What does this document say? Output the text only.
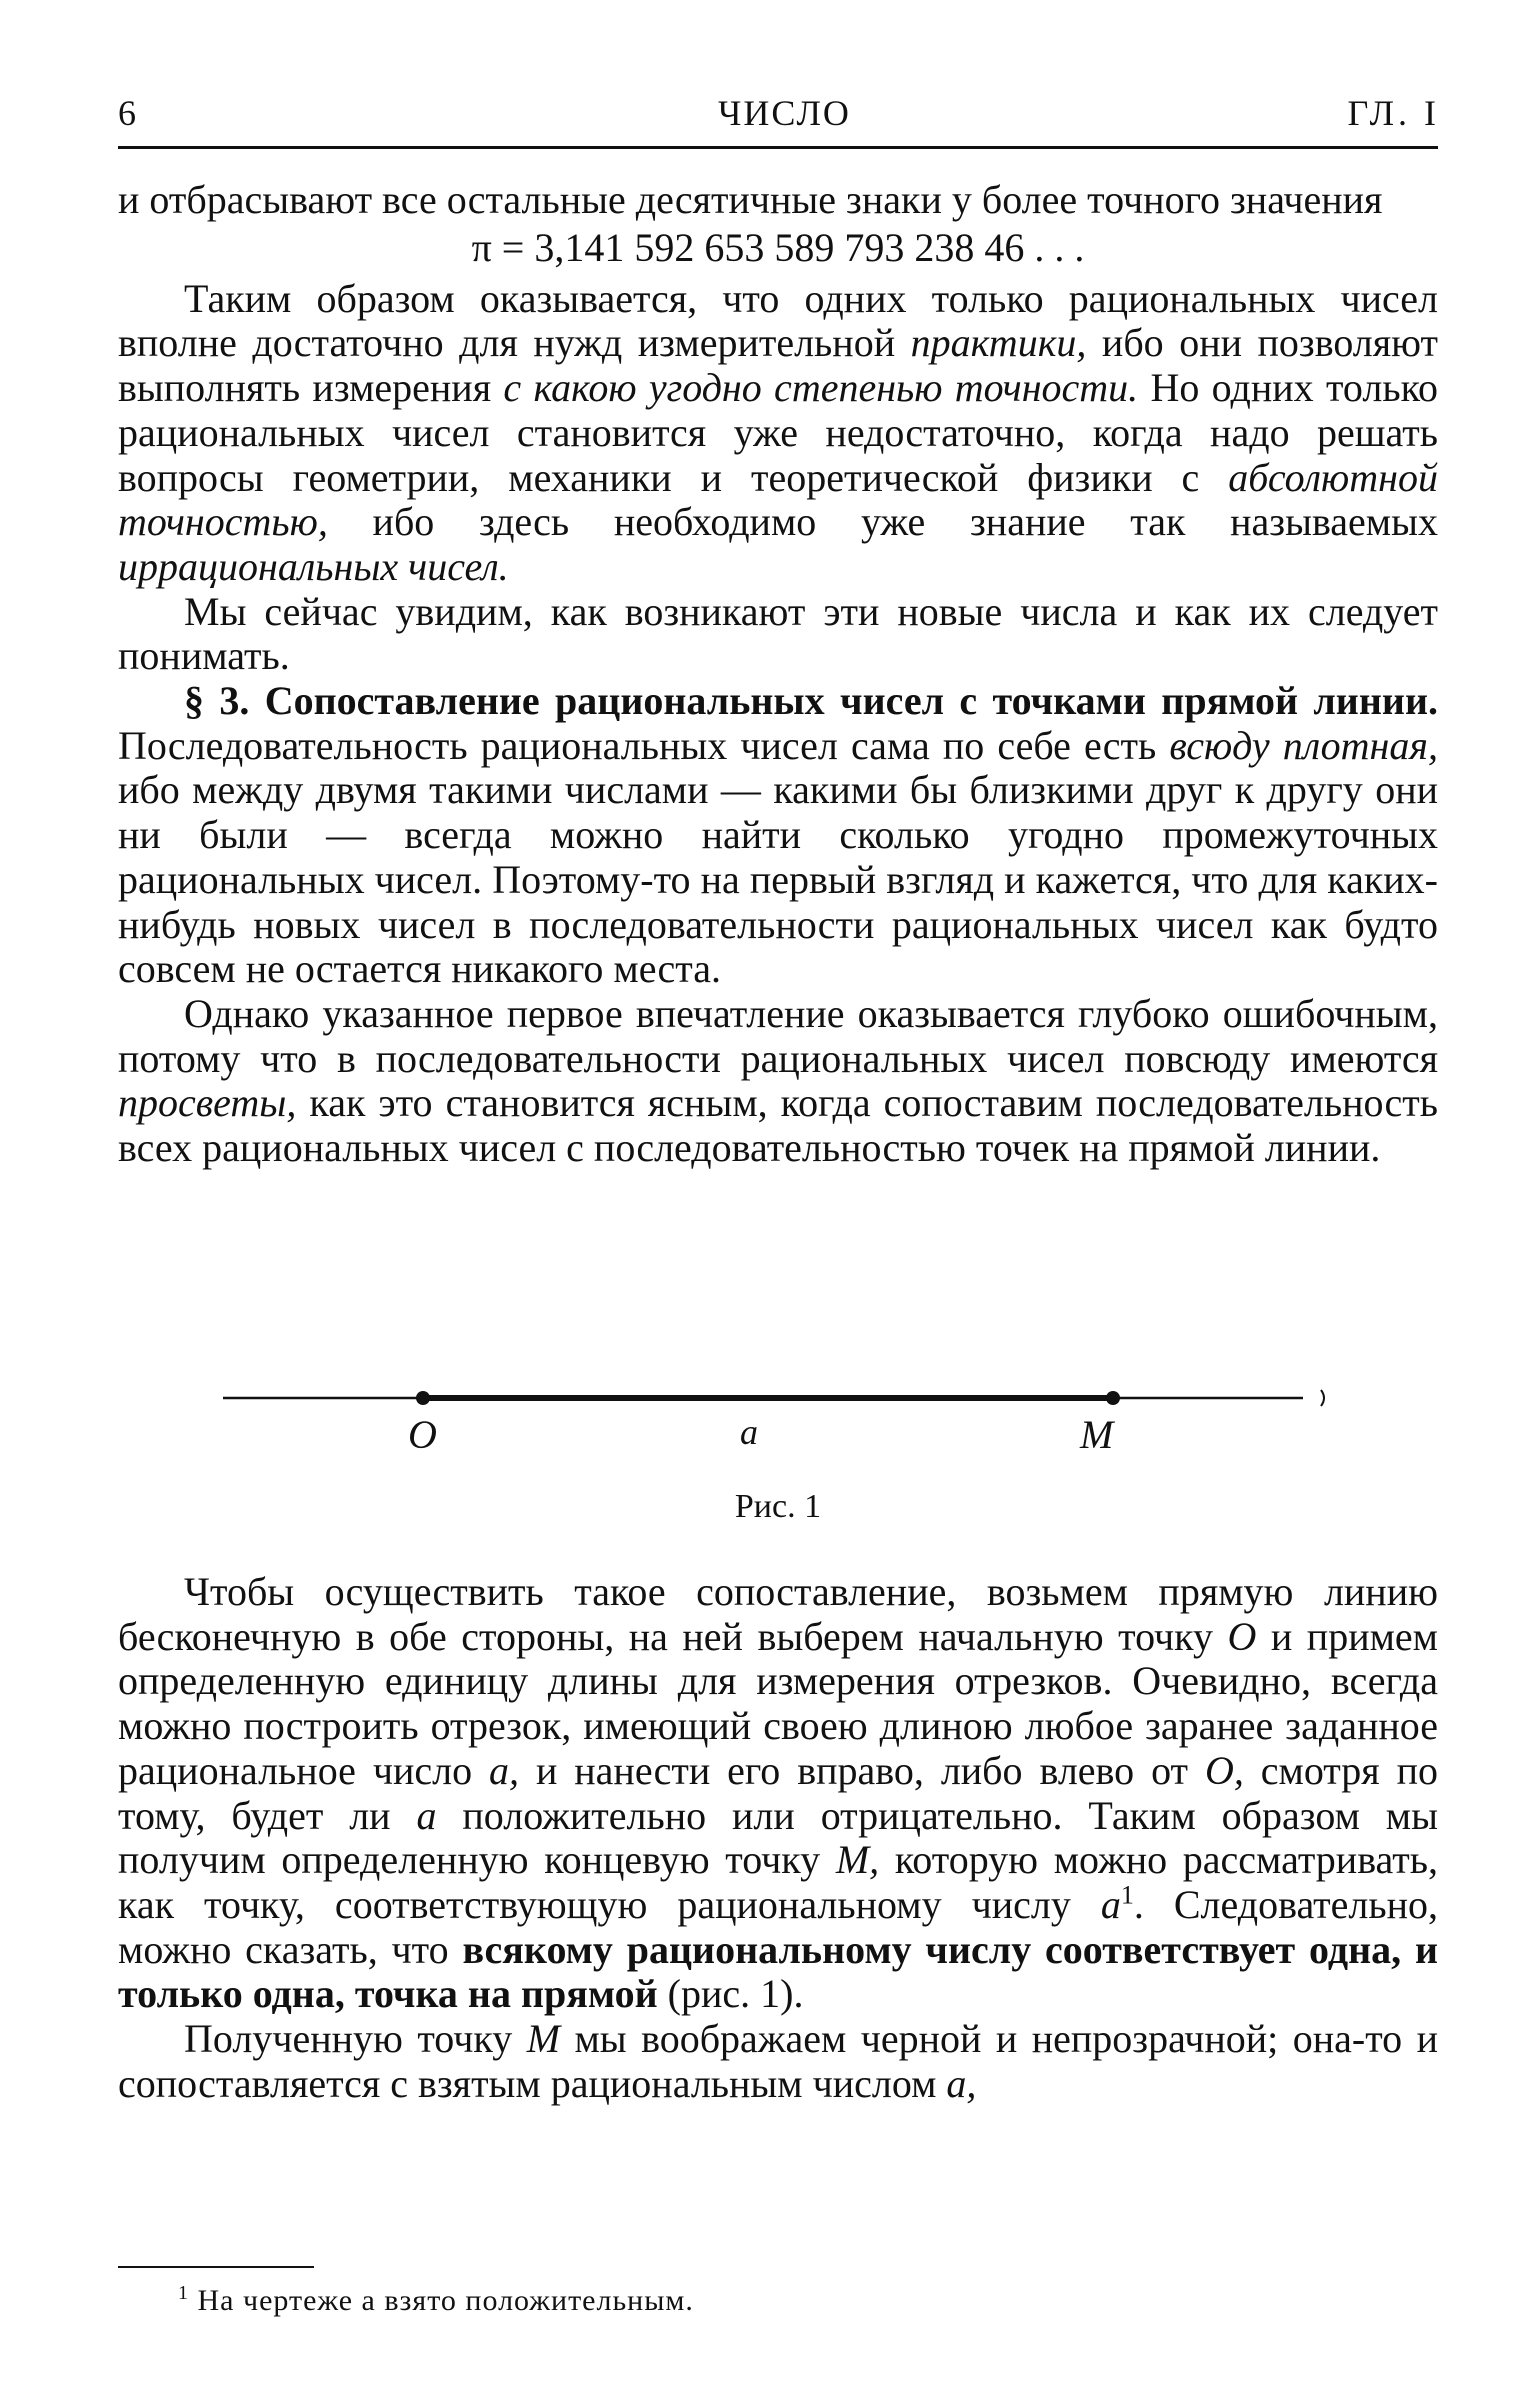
6	ЧИСЛО	ГЛ. I

и отбрасывают все остальные десятичные знаки у более точного значения

π = 3,141 592 653 589 793 238 46 . . .

Таким образом оказывается, что одних только рациональных чисел вполне достаточно для нужд измерительной практики, ибо они позволяют выполнять измерения с какою угодно степенью точности. Но одних только рациональных чисел становится уже недостаточно, когда надо решать вопросы геометрии, механики и теоретической физики с абсолютной точностью, ибо здесь необходимо уже знание так называемых иррациональных чисел.

Мы сейчас увидим, как возникают эти новые числа и как их следует понимать.

§ 3. Сопоставление рациональных чисел с точками прямой линии. Последовательность рациональных чисел сама по себе есть всюду плотная, ибо между двумя такими числами — какими бы близкими друг к другу они ни были — всегда можно найти сколько угодно промежуточных рациональных чисел. Поэтому-то на первый взгляд и кажется, что для каких-нибудь новых чисел в последовательности рациональных чисел как будто совсем не остается никакого места.

Однако указанное первое впечатление оказывается глубоко ошибочным, потому что в последовательности рациональных чисел повсюду имеются просветы, как это становится ясным, когда сопоставим последовательность всех рациональных чисел с последовательностью точек на прямой линии.

O	a	M
Рис. 1

Чтобы осуществить такое сопоставление, возьмем прямую линию бесконечную в обе стороны, на ней выберем начальную точку O и примем определенную единицу длины для измерения отрезков. Очевидно, всегда можно построить отрезок, имеющий своею длиною любое заранее заданное рациональное число a, и нанести его вправо, либо влево от O, смотря по тому, будет ли a положительно или отрицательно. Таким образом мы получим определенную концевую точку M, которую можно рассматривать, как точку, соответствующую рациональному числу $a^1$. Следовательно, можно сказать, что всякому рациональному числу соответствует одна, и только одна, точка на прямой (рис. 1).

Полученную точку M мы воображаем черной и непрозрачной; она-то и сопоставляется с взятым рациональным числом a,

$^1$ На чертеже a взято положительным.
